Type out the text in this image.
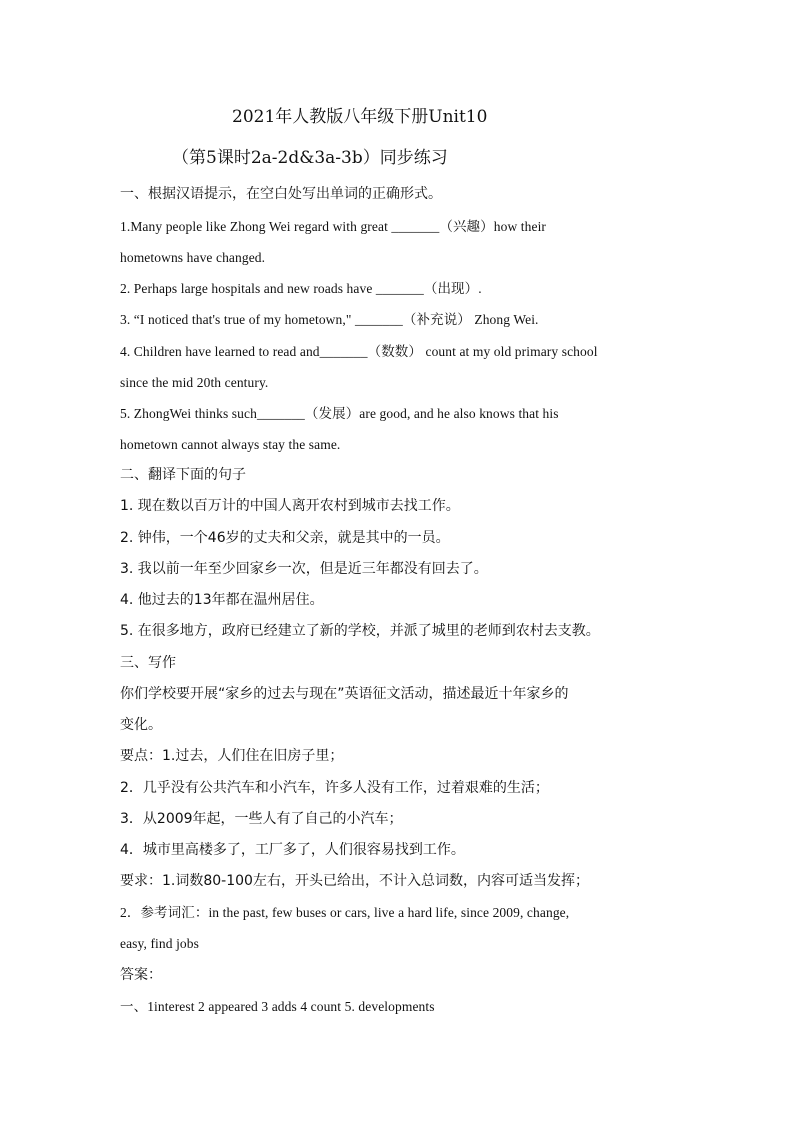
2021年人教版八年级下册Unit10
（第5课时2a-2d&3a-3b）同步练习
一、根据汉语提示，在空白处写出单词的正确形式。
1.Many people like Zhong Wei regard with great _______（兴趣）how their
hometowns have changed.
2. Perhaps large hospitals and new roads have _______（出现）.
3. “I noticed that's true of my hometown," _______（补充说） Zhong Wei.
4. Children have learned to read and_______（数数） count at my old primary school
since the mid 20th century.
5. ZhongWei thinks such_______（发展）are good, and he also knows that his
hometown cannot always stay the same.
二、翻译下面的句子
1. 现在数以百万计的中国人离开农村到城市去找工作。
2. 钟伟，一个46岁的丈夫和父亲，就是其中的一员。
3. 我以前一年至少回家乡一次，但是近三年都没有回去了。
4. 他过去的13年都在温州居住。
5. 在很多地方，政府已经建立了新的学校，并派了城里的老师到农村去支教。
三、写作
你们学校要开展“家乡的过去与现在”英语征文活动，描述最近十年家乡的
变化。
要点：1.过去，人们住在旧房子里；
2．几乎没有公共汽车和小汽车，许多人没有工作，过着艰难的生活；
3．从2009年起，一些人有了自己的小汽车；
4．城市里高楼多了，工厂多了，人们很容易找到工作。
要求：1.词数80-100左右，开头已给出，不计入总词数，内容可适当发挥；
2．参考词汇：in the past, few buses or cars, live a hard life, since 2009, change,
easy, find jobs
答案：
一、1interest 2 appeared 3 adds 4 count 5. developments
